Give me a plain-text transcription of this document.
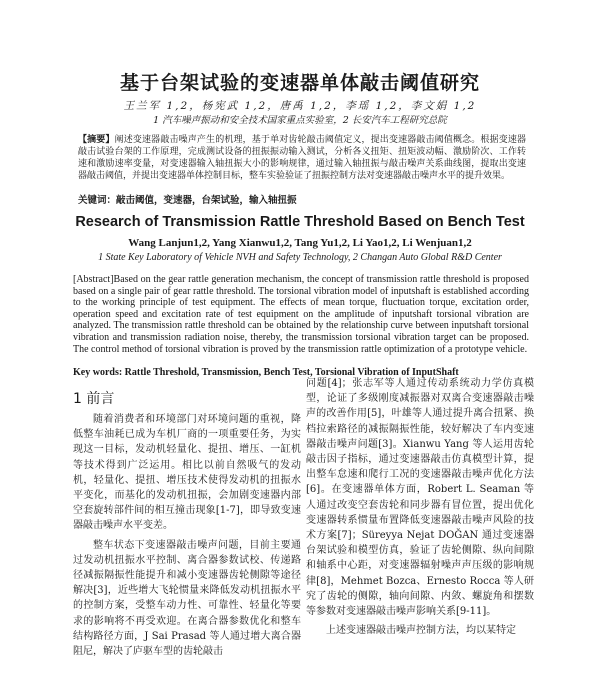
基于台架试验的变速器单体敲击阈值研究
王兰军 1,2，杨宪武 1,2，唐禹 1,2，李瑶 1,2，李文娟 1,2
1 汽车噪声振动和安全技术国家重点实验室，2 长安汽车工程研究总院
【摘要】阐述变速器敲击噪声产生的机理，基于单对齿轮敲击阈值定义，提出变速器敲击阈值概念。根据变速器敲击试验台架的工作原理，完成测试设备的扭振振动输入测试，分析各义扭矩、扭矩波动幅、激励阶次、工作转速和激励速率变量，对变速器输入轴扭振大小的影响规律，通过输入轴扭振与敲击噪声关系曲线图，提取出变速器敲击阈值，并提出变速器单体控制目标，整车实验验证了扭振控制方法对变速器敲击噪声水平的提升效果。
关键词：敲击阈值，变速器，台架试验，输入轴扭振
Research of Transmission Rattle Threshold Based on Bench Test
Wang Lanjun1,2, Yang Xianwu1,2, Tang Yu1,2, Li Yao1,2, Li Wenjuan1,2
1 State Key Laboratory of Vehicle NVH and Safety Technology, 2 Changan Auto Global R&D Center
[Abstract]Based on the gear rattle generation mechanism, the concept of transmission rattle threshold is proposed based on a single pair of gear rattle threshold. The torsional vibration model of inputshaft is established according to the working principle of test equipment. The effects of mean torque, fluctuation torque, excitation order, operation speed and excitation rate of test equipment on the amplitude of inputshaft torsional vibration are analyzed. The transmission rattle threshold can be obtained by the relationship curve between inputshaft torsional vibration and transmission radiation noise, thereby, the transmission torsional vibration target can be proposed. The control method of torsional vibration is proved by the transmission rattle optimization of a prototype vehicle.
Key words: Rattle Threshold, Transmission, Bench Test, Torsional Vibration of InputShaft
1 前言

随着消费者和环境部门对环境问题的重视，降低整车油耗已成为车机厂商的一项重要任务，为实现这一目标，发动机轻量化、提扭、增压、一缸机等技术得到广泛运用。相比以前自然吸气的发动机，轻量化、提扭、增压技术使得发动机的扭振水平变化，而基化的发动机扭振，会加剧变速器内部空套旋转部件间的相互撞击现象[1-7]，即导致变速器敲击噪声水平变差。

整车状态下变速器敲击噪声问题，目前主要通过发动机扭振水平控制、离合器参数试校、传递路径减振隔振性能提升和减小变速器齿轮侧隙等途径解决[3]，近些增大飞轮惯量来降低发动机扭振水平的控制方案，受整车动力性、可靠性、轻量化等要求的影响将不再受欢迎。在离合器参数优化和整车结构路径方面，J Sai Prasad 等人通过增大离合器阻尼，解决了庐驱车型的齿轮敲击

问题[4]；张志军等人通过传动系统动力学仿真模型，论证了多级刚度减振器对双离合变速器敲击噪声的改善作用[5]，叶雄等人通过提升离合扭紧、换档拉索路径的减振隔振性能，较好解决了车内变速器敲击噪声问题[3]。Xianwu Yang 等人运用齿轮敲击因子指标，通过变速器敲击仿真模型计算，提出整车怠速和爬行工况的变速器敲击噪声优化方法[6]。在变速器单体方面，Robert L. Seaman 等人通过改变空套齿轮和同步器有冒位置，提出优化变速器转系惯量布置降低变速器敲击噪声风险的技术方案[7]；Süreyya Nejat DOĞAN 通过变速器台架试验和模型仿真，验证了齿轮侧隙、纵向间隙和轴系中心距，对变速器辐射噪声声压级的影响规律[8]，Mehmet Bozca、Ernesto Rocca 等人研究了齿轮的侧隙，轴向间隙、内敛、螺旋角和摆数等参数对变速器敲击噪声影响关系[9-11]。

上述变速器敲击噪声控制方法，均以某特定
